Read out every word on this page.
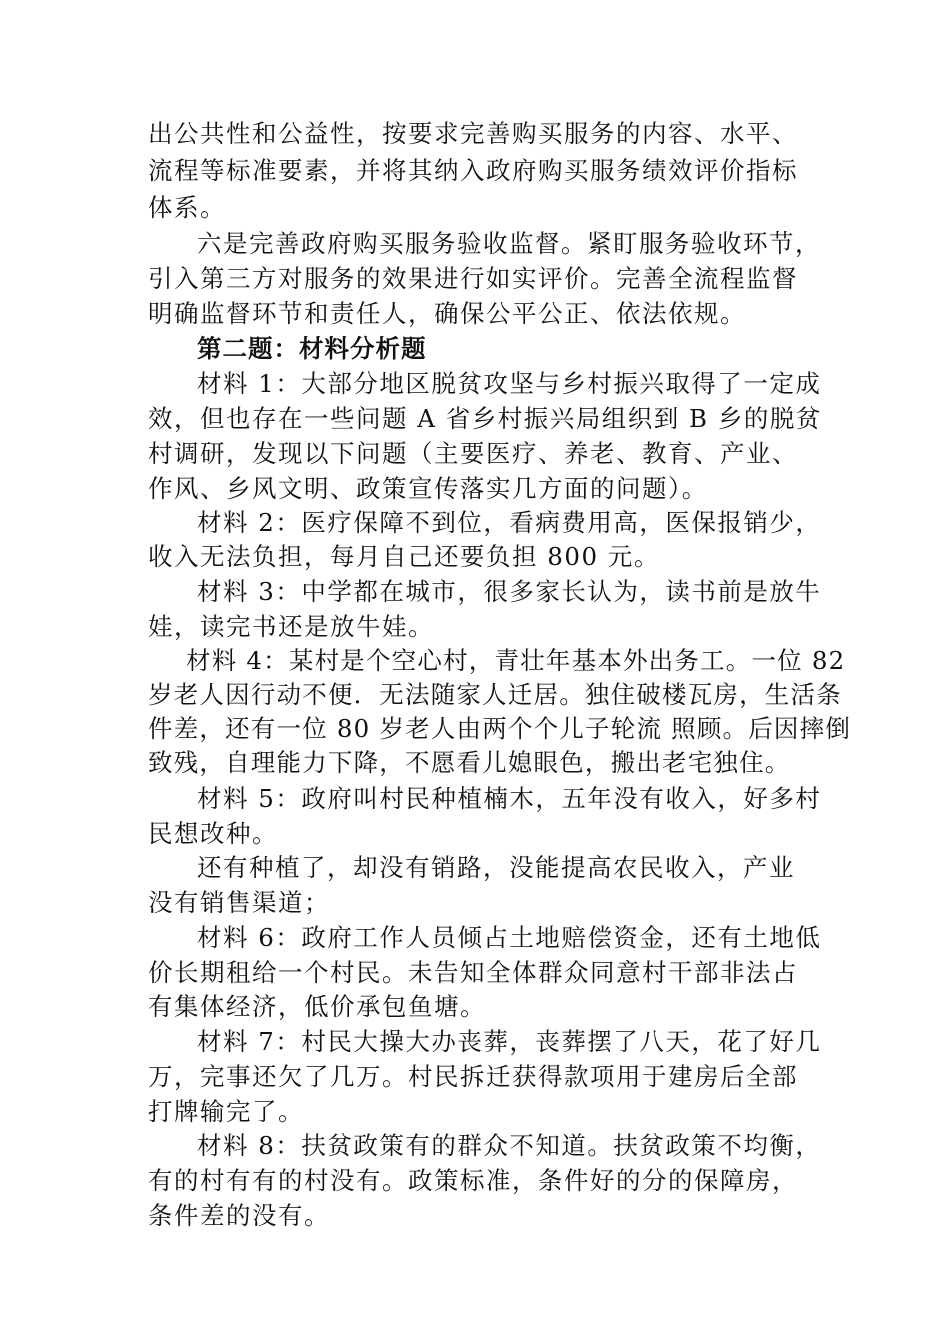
出公共性和公益性，按要求完善购买服务的内容、水平、
流程等标准要素，并将其纳入政府购买服务绩效评价指标
体系。
六是完善政府购买服务验收监督。紧盯服务验收环节，
引入第三方对服务的效果进行如实评价。完善全流程监督
明确监督环节和责任人，确保公平公正、依法依规。
第二题：材料分析题
材料 1：大部分地区脱贫攻坚与乡村振兴取得了一定成
效，但也存在一些问题 A 省乡村振兴局组织到 B 乡的脱贫
村调研，发现以下问题（主要医疗、养老、教育、产业、
作风、乡风文明、政策宣传落实几方面的问题）。
材料 2：医疗保障不到位，看病费用高，医保报销少，
收入无法负担，每月自己还要负担 800 元。
材料 3：中学都在城市，很多家长认为，读书前是放牛
娃，读完书还是放牛娃。
材料 4：某村是个空心村，青壮年基本外出务工。一位 82
岁老人因行动不便．无法随家人迁居。独住破楼瓦房，生活条
件差，还有一位 80 岁老人由两个个儿子轮流 照顾。后因摔倒
致残，自理能力下降，不愿看儿媳眼色，搬出老宅独住。
材料 5：政府叫村民种植楠木，五年没有收入，好多村
民想改种。
还有种植了，却没有销路，没能提高农民收入，产业
没有销售渠道；
材料 6：政府工作人员倾占土地赔偿资金，还有土地低
价长期租给一个村民。未告知全体群众同意村干部非法占
有集体经济，低价承包鱼塘。
材料 7：村民大操大办丧葬，丧葬摆了八天，花了好几
万，完事还欠了几万。村民拆迁获得款项用于建房后全部
打牌输完了。
材料 8：扶贫政策有的群众不知道。扶贫政策不均衡，
有的村有有的村没有。政策标准，条件好的分的保障房，
条件差的没有。
